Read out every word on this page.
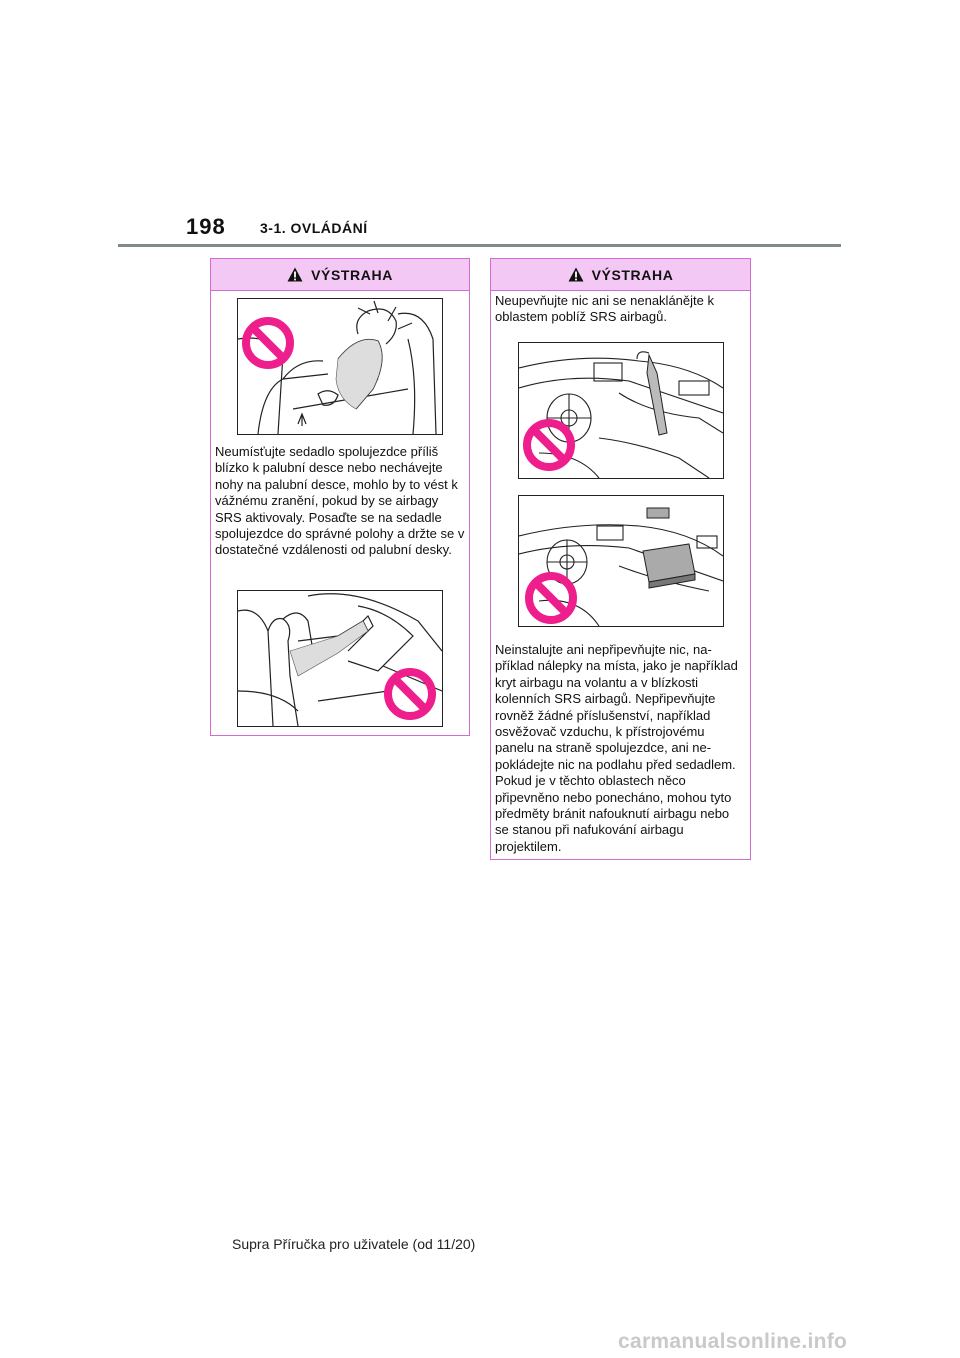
198 3-1. OVLÁDÁNÍ
VÝSTRAHA
Neumísťujte sedadlo spolujezdce příliš blízko k palubní desce nebo nechávejte nohy na palubní desce, mohlo by to vést k vážnému zranění, pokud by se airbagy SRS aktivovaly. Posaďte se na sedadle spolujezdce do správné polohy a držte se v dostatečné vzdálenosti od palubní desky.
VÝSTRAHA
Neupevňujte nic ani se nenaklánějte k oblastem poblíž SRS airbagů.
Neinstalujte ani nepřipevňujte nic, například nálepky na místa, jako je například kryt airbagu na volantu a v blízkosti kolenních SRS airbagů. Nepřipevňujte rovněž žádné příslušenství, například osvěžovač vzduchu, k přístrojovému panelu na straně spolujezdce, ani nepokládejte nic na podlahu před sedadlem. Pokud je v těchto oblastech něco připevněno nebo ponecháno, mohou tyto předměty bránit nafouknutí airbagu nebo se stanou při nafukování airbagu projektilem.
Supra Příručka pro uživatele (od 11/20)
carmanualsonline.info
